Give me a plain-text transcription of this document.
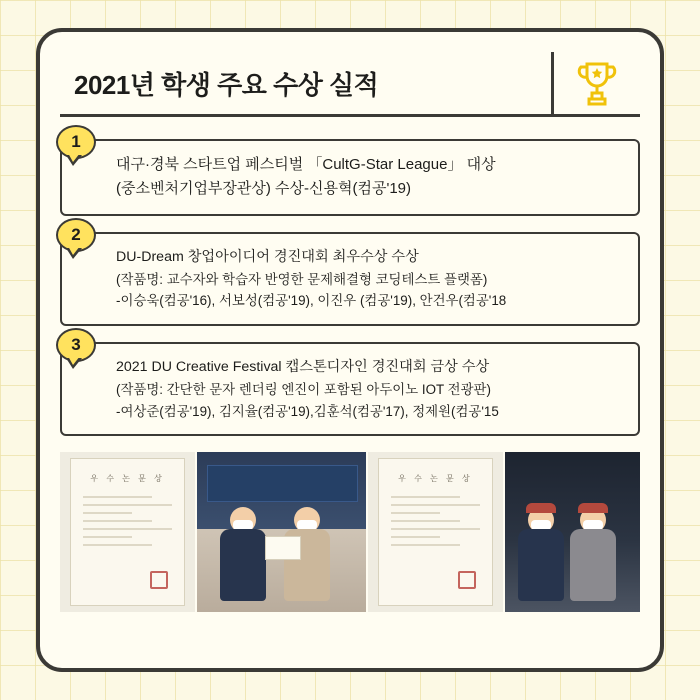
2021년 학생 주요 수상 실적
1
대구·경북 스타트업 페스티벌 「CultG-Star League」 대상
(중소벤처기업부장관상) 수상-신용혁(컴공'19)
2
DU-Dream 창업아이디어 경진대회 최우수상 수상
(작품명: 교수자와 학습자 반영한 문제해결형 코딩테스트 플랫폼)
-이승욱(컴공'16), 서보성(컴공'19), 이진우 (컴공'19), 안건우(컴공'18
3
2021 DU Creative Festival 캡스톤디자인 경진대회 금상 수상
(작품명: 간단한 문자 렌더링 엔진이 포함된 아두이노 IOT 전광판)
-여상준(컴공'19), 김지율(컴공'19),김훈석(컴공'17), 정제원(컴공'15
우 수 논 문 상	우 수 논 문 상
